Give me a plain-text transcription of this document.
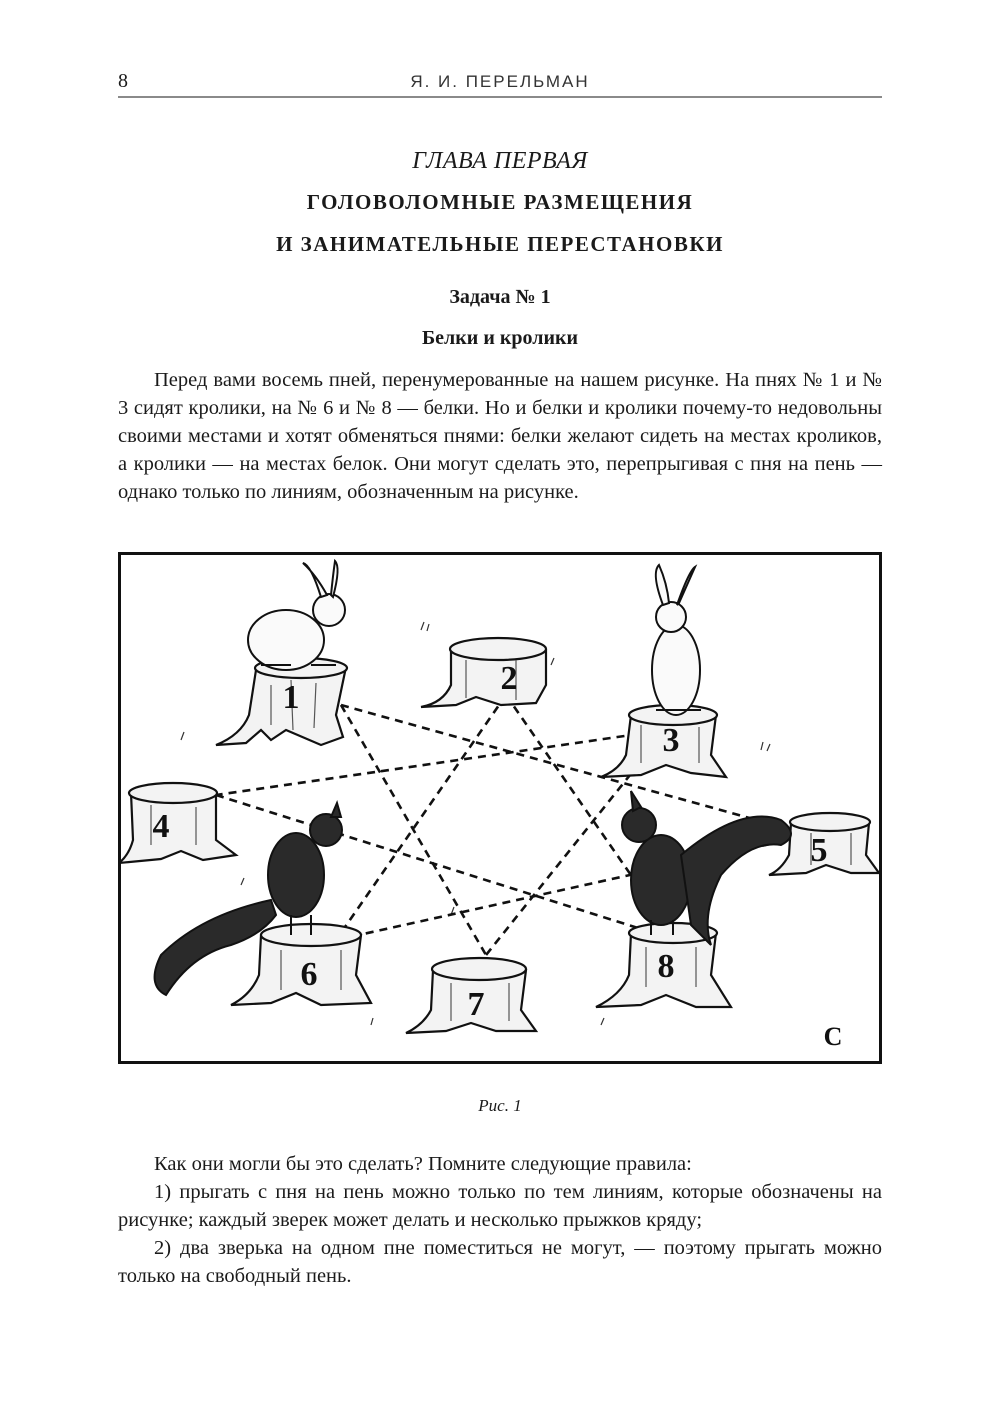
8	Я. И. ПЕРЕЛЬМАН
ГЛАВА ПЕРВАЯ
ГОЛОВОЛОМНЫЕ РАЗМЕЩЕНИЯ
И ЗАНИМАТЕЛЬНЫЕ ПЕРЕСТАНОВКИ
Задача № 1
Белки и кролики

Перед вами восемь пней, перенумерованные на нашем рисунке. На пнях № 1 и № 3 сидят кролики, на № 6 и № 8 — белки. Но и белки и кролики почему-то недовольны своими местами и хотят обменяться пнями: белки желают сидеть на местах кроликов, а кролики — на местах белок. Они могут сделать это, перепрыгивая с пня на пень — однако только по линиям, обозначенным на рисунке.

1
2
3
4
5
6
7
8
C
Рис. 1

Как они могли бы это сделать? Помните следующие правила:

1) прыгать с пня на пень можно только по тем линиям, которые обозначены на рисунке; каждый зверек может делать и несколько прыжков кряду;

2) два зверька на одном пне поместиться не могут, — поэтому прыгать можно только на свободный пень.
